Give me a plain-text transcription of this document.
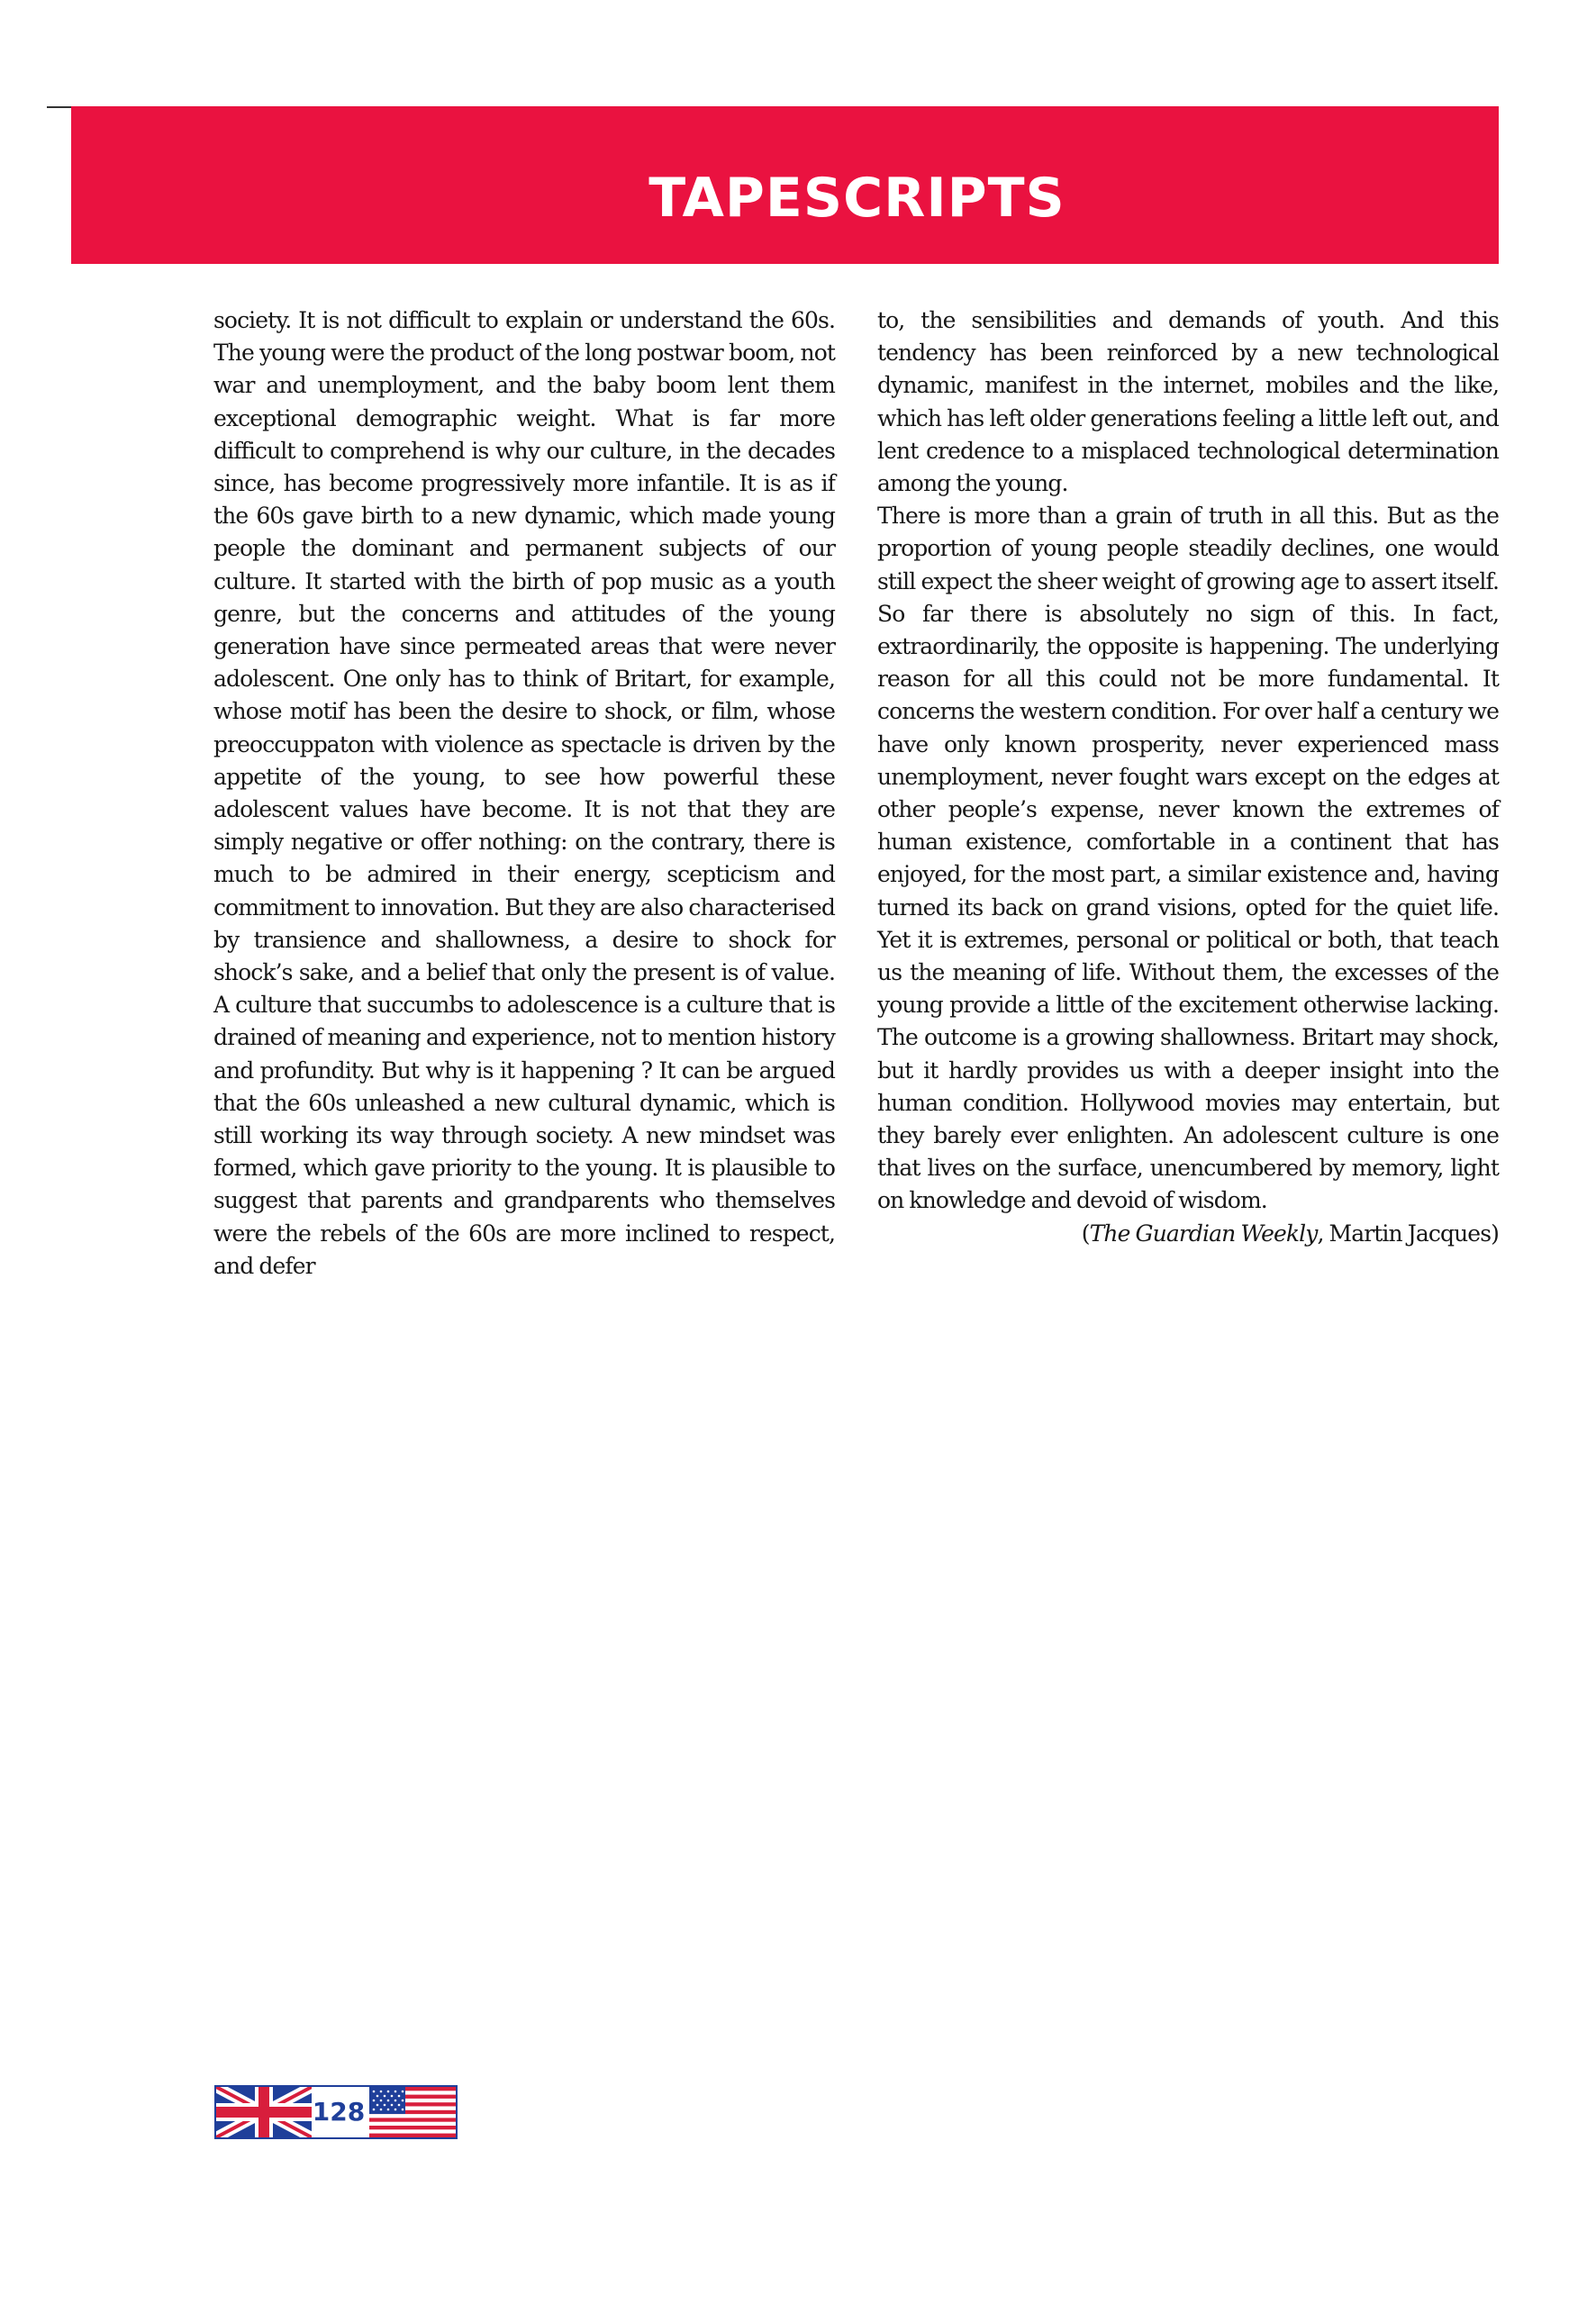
TAPESCRIPTS

society. It is not difficult to explain or understand the 60s. The young were the product of the long postwar boom, not war and unemployment, and the baby boom lent them exceptional demographic weight. What is far more difficult to comprehend is why our culture, in the decades since, has become progressively more infantile. It is as if the 60s gave birth to a new dynamic, which made young people the dominant and permanent subjects of our culture. It started with the birth of pop music as a youth genre, but the concerns and attitudes of the young generation have since permeated areas that were never adolescent. One only has to think of Britart, for example, whose motif has been the desire to shock, or film, whose preoccuppaton with violence as spectacle is driven by the appetite of the young, to see how powerful these adolescent values have become. It is not that they are simply negative or offer nothing: on the contrary, there is much to be admired in their energy, scepticism and commitment to innovation. But they are also characterised by transience and shallowness, a desire to shock for shock’s sake, and a belief that only the present is of value. A culture that succumbs to adolescence is a culture that is drained of meaning and experience, not to mention history and profundity. But why is it happening ? It can be argued that the 60s unleashed a new cultural dynamic, which is still working its way through society. A new mindset was formed, which gave priority to the young. It is plausible to suggest that parents and grandparents who themselves were the rebels of the 60s are more inclined to respect, and defer

to, the sensibilities and demands of youth. And this tendency has been reinforced by a new technological dynamic, manifest in the internet, mobiles and the like, which has left older generations feeling a little left out, and lent credence to a misplaced technological determination among the young.

There is more than a grain of truth in all this. But as the proportion of young people steadily declines, one would still expect the sheer weight of growing age to assert itself. So far there is absolutely no sign of this. In fact, extraordinarily, the opposite is happening. The underlying reason for all this could not be more fundamental. It concerns the western condition. For over half a century we have only known prosperity, never experienced mass unemployment, never fought wars except on the edges at other people’s expense, never known the extremes of human existence, comfortable in a continent that has enjoyed, for the most part, a similar existence and, having turned its back on grand visions, opted for the quiet life. Yet it is extremes, personal or political or both, that teach us the meaning of life. Without them, the excesses of the young provide a little of the excitement otherwise lacking. The outcome is a growing shallowness. Britart may shock, but it hardly provides us with a deeper insight into the human condition. Hollywood movies may entertain, but they barely ever enlighten. An adolescent culture is one that lives on the surface, unencumbered by memory, light on knowledge and devoid of wisdom.

(The Guardian Weekly, Martin Jacques)

128
